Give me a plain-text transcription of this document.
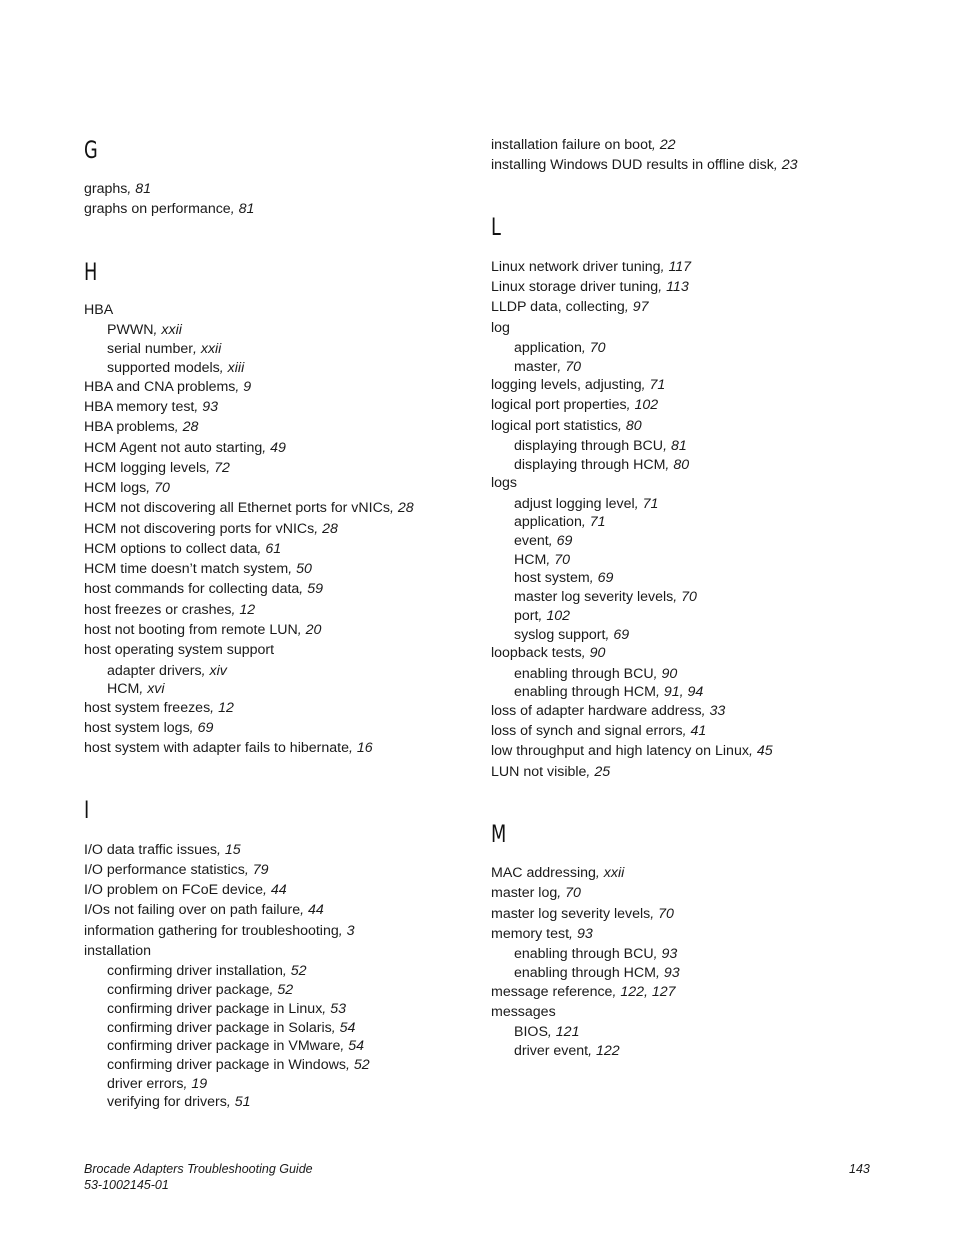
G
graphs, 81
graphs on performance, 81
H
HBA
PWWN, xxii
serial number, xxii
supported models, xiii
HBA and CNA problems, 9
HBA memory test, 93
HBA problems, 28
HCM Agent not auto starting, 49
HCM logging levels, 72
HCM logs, 70
HCM not discovering all Ethernet ports for vNICs, 28
HCM not discovering ports for vNICs, 28
HCM options to collect data, 61
HCM time doesn’t match system, 50
host commands for collecting data, 59
host freezes or crashes, 12
host not booting from remote LUN, 20
host operating system support
adapter drivers, xiv
HCM, xvi
host system freezes, 12
host system logs, 69
host system with adapter fails to hibernate, 16
I
I/O data traffic issues, 15
I/O performance statistics, 79
I/O problem on FCoE device, 44
I/Os not failing over on path failure, 44
information gathering for troubleshooting, 3
installation
confirming driver installation, 52
confirming driver package, 52
confirming driver package in Linux, 53
confirming driver package in Solaris, 54
confirming driver package in VMware, 54
confirming driver package in Windows, 52
driver errors, 19
verifying for drivers, 51
installation failure on boot, 22
installing Windows DUD results in offline disk, 23
L
Linux network driver tuning, 117
Linux storage driver tuning, 113
LLDP data, collecting, 97
log
application, 70
master, 70
logging levels, adjusting, 71
logical port properties, 102
logical port statistics, 80
displaying through BCU, 81
displaying through HCM, 80
logs
adjust logging level, 71
application, 71
event, 69
HCM, 70
host system, 69
master log severity levels, 70
port, 102
syslog support, 69
loopback tests, 90
enabling through BCU, 90
enabling through HCM, 91, 94
loss of adapter hardware address, 33
loss of synch and signal errors, 41
low throughput and high latency on Linux, 45
LUN not visible, 25
M
MAC addressing, xxii
master log, 70
master log severity levels, 70
memory test, 93
enabling through BCU, 93
enabling through HCM, 93
message reference, 122, 127
messages
BIOS, 121
driver event, 122
Brocade Adapters Troubleshooting Guide
53-1002145-01
143
